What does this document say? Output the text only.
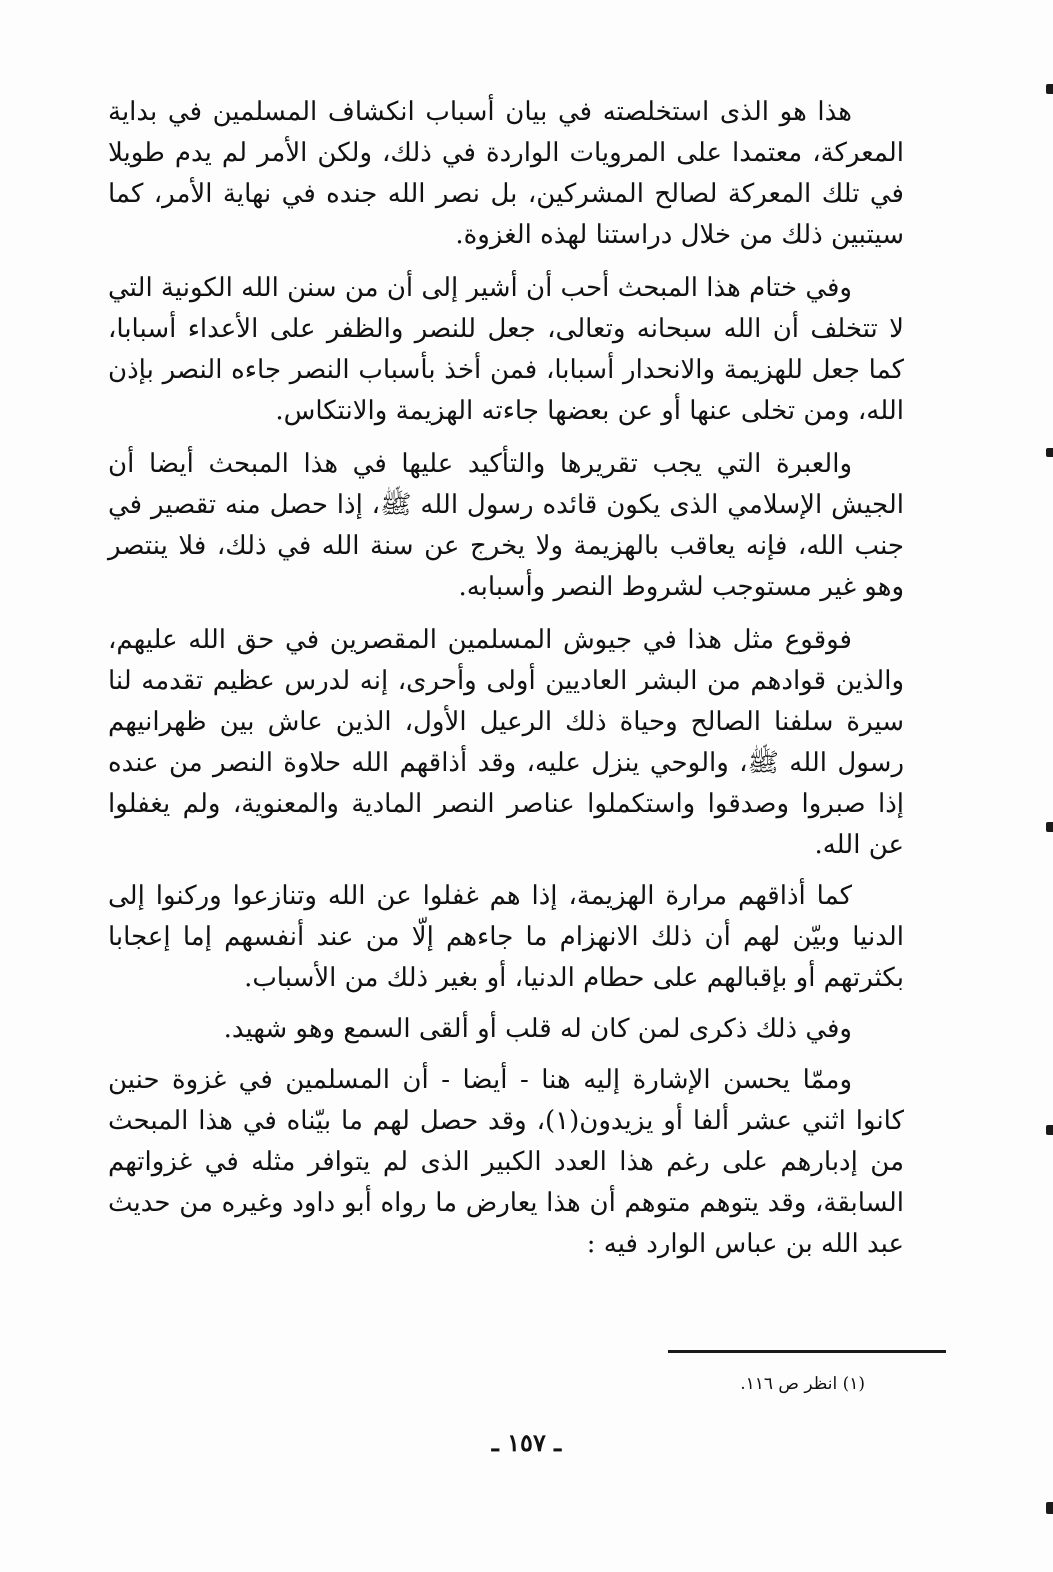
هذا هو الذى استخلصته في بيان أسباب انكشاف المسلمين في بداية المعركة، معتمدا على المرويات الواردة في ذلك، ولكن الأمر لم يدم طويلا في تلك المعركة لصالح المشركين، بل نصر الله جنده في نهاية الأمر، كما سيتبين ذلك من خلال دراستنا لهذه الغزوة.

وفي ختام هذا المبحث أحب أن أشير إلى أن من سنن الله الكونية التي لا تتخلف أن الله سبحانه وتعالى، جعل للنصر والظفر على الأعداء أسبابا، كما جعل للهزيمة والانحدار أسبابا، فمن أخذ بأسباب النصر جاءه النصر بإذن الله، ومن تخلى عنها أو عن بعضها جاءته الهزيمة والانتكاس.

والعبرة التي يجب تقريرها والتأكيد عليها في هذا المبحث أيضا أن الجيش الإسلامي الذى يكون قائده رسول الله ﷺ، إذا حصل منه تقصير في جنب الله، فإنه يعاقب بالهزيمة ولا يخرج عن سنة الله في ذلك، فلا ينتصر وهو غير مستوجب لشروط النصر وأسبابه.

فوقوع مثل هذا في جيوش المسلمين المقصرين في حق الله عليهم، والذين قوادهم من البشر العاديين أولى وأحرى، إنه لدرس عظيم تقدمه لنا سيرة سلفنا الصالح وحياة ذلك الرعيل الأول، الذين عاش بين ظهرانيهم رسول الله ﷺ، والوحي ينزل عليه، وقد أذاقهم الله حلاوة النصر من عنده إذا صبروا وصدقوا واستكملوا عناصر النصر المادية والمعنوية، ولم يغفلوا عن الله.

كما أذاقهم مرارة الهزيمة، إذا هم غفلوا عن الله وتنازعوا وركنوا إلى الدنيا وبيّن لهم أن ذلك الانهزام ما جاءهم إلّا من عند أنفسهم إما إعجابا بكثرتهم أو بإقبالهم على حطام الدنيا، أو بغير ذلك من الأسباب.

وفي ذلك ذكرى لمن كان له قلب أو ألقى السمع وهو شهيد.

وممّا يحسن الإشارة إليه هنا - أيضا - أن المسلمين في غزوة حنين كانوا اثني عشر ألفا أو يزيدون(١)، وقد حصل لهم ما بيّناه في هذا المبحث من إدبارهم على رغم هذا العدد الكبير الذى لم يتوافر مثله في غزواتهم السابقة، وقد يتوهم متوهم أن هذا يعارض ما رواه أبو داود وغيره من حديث عبد الله بن عباس الوارد فيه :

(١) انظر ص ١١٦.
ـ ١٥٧ ـ
